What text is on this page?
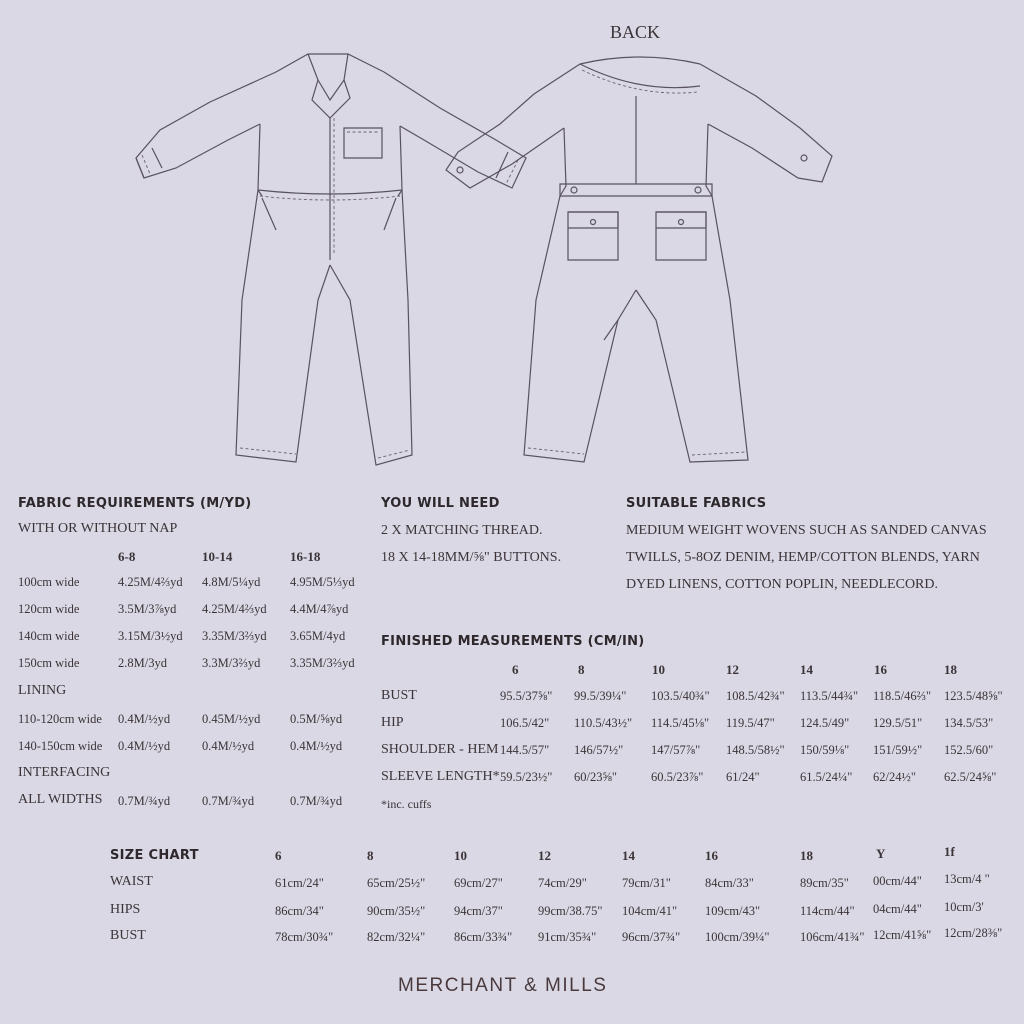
BACK
FABRIC REQUIREMENTS (M/YD)
WITH OR WITHOUT NAP
6-8	10-14	16-18
100cm wide	4.25M/4⅔yd 4.8M/5¼yd 4.95M/5⅓yd
120cm wide	3.5M/3⅞yd 4.25M/4⅔yd 4.4M/4⅞yd
140cm wide	3.15M/3½yd 3.35M/3⅔yd 3.65M/4yd
150cm wide	2.8M/3yd	3.3M/3⅔yd 3.35M/3⅔yd
LINING
110-120cm wide 0.4M/½yd	0.45M/½yd 0.5M/⅝yd
140-150cm wide 0.4M/½yd	0.4M/½yd	0.4M/½yd
INTERFACING
ALL WIDTHS 0.7M/¾yd	0.7M/¾yd	0.7M/¾yd
YOU WILL NEED
2 X MATCHING THREAD.
18 X 14-18MM/⅝" BUTTONS.
SUITABLE FABRICS
MEDIUM WEIGHT WOVENS SUCH AS SANDED CANVAS
TWILLS, 5-8OZ DENIM, HEMP/COTTON BLENDS, YARN
DYED LINENS, COTTON POPLIN, NEEDLECORD.
FINISHED MEASUREMENTS (CM/IN)
6	8	10	12	14	16	18
BUST	95.5/37⅝" 99.5/39¼" 103.5/40¾" 108.5/42¾" 113.5/44¾" 118.5/46⅔" 123.5/48⅝"
HIP	106.5/42" 110.5/43½" 114.5/45⅛" 119.5/47" 124.5/49" 129.5/51" 134.5/53"
SHOULDER - HEM 144.5/57" 146/57½" 147/57⅞" 148.5/58½" 150/59⅛" 151/59½" 152.5/60"
SLEEVE LENGTH* 59.5/23½" 60/23⅝"	60.5/23⅞" 61/24"	61.5/24¼" 62/24½" 62.5/24⅝"
*inc. cuffs
SIZE CHART	6	8	10	12	14	16	18	Y	1f
WAIST	61cm/24"	65cm/25½" 69cm/27"	74cm/29"	79cm/31"	84cm/33"	89cm/35" 00cm/44" 13cm/4 "
HIPS	86cm/34"	90cm/35½" 94cm/37"	99cm/38.75" 104cm/41" 109cm/43"	114cm/44" 04cm/44" 10cm/3'
BUST	78cm/30¾"	82cm/32¼" 86cm/33¾" 91cm/35¾" 96cm/37¾" 100cm/39¼" 106cm/41¾" 12cm/41⅝" 12cm/28⅜"
MERCHANT & MILLS
